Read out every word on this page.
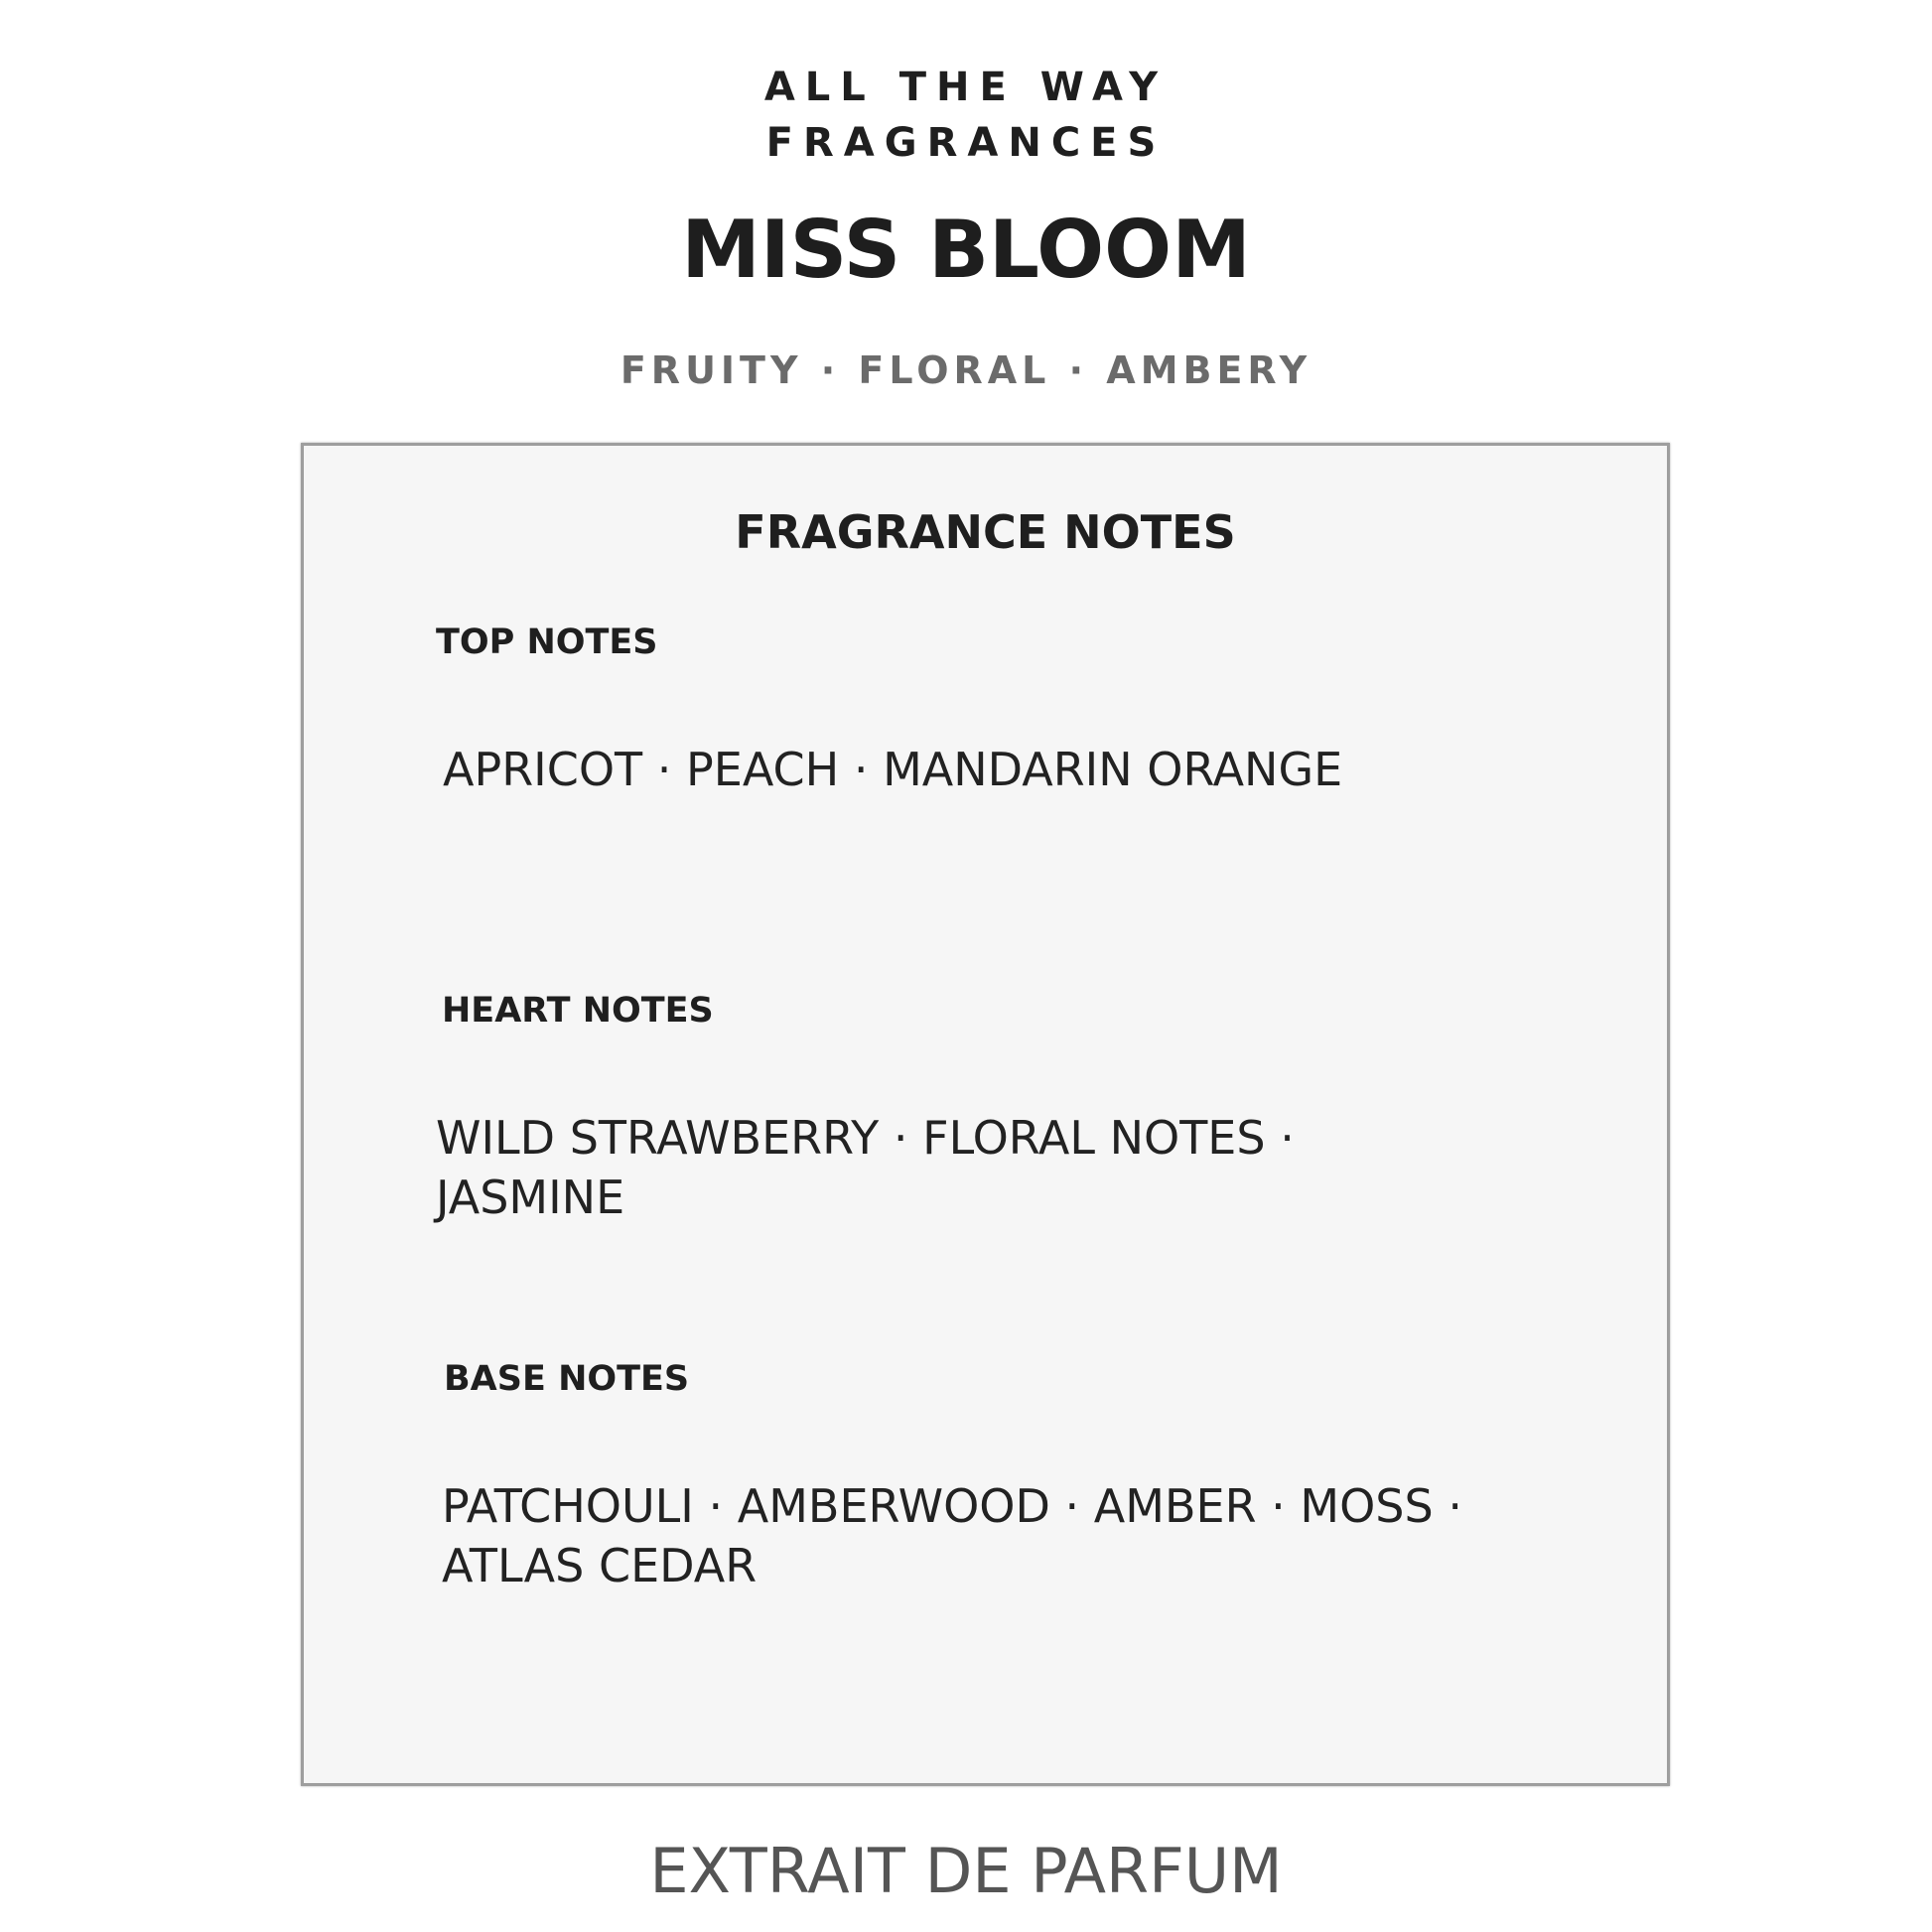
ALL THE WAY
FRAGRANCES
MISS BLOOM
FRUITY · FLORAL · AMBERY
FRAGRANCE NOTES
TOP NOTES
APRICOT · PEACH · MANDARIN ORANGE
HEART NOTES
WILD STRAWBERRY · FLORAL NOTES ·
JASMINE
BASE NOTES
PATCHOULI · AMBERWOOD · AMBER · MOSS ·
ATLAS CEDAR
EXTRAIT DE PARFUM
